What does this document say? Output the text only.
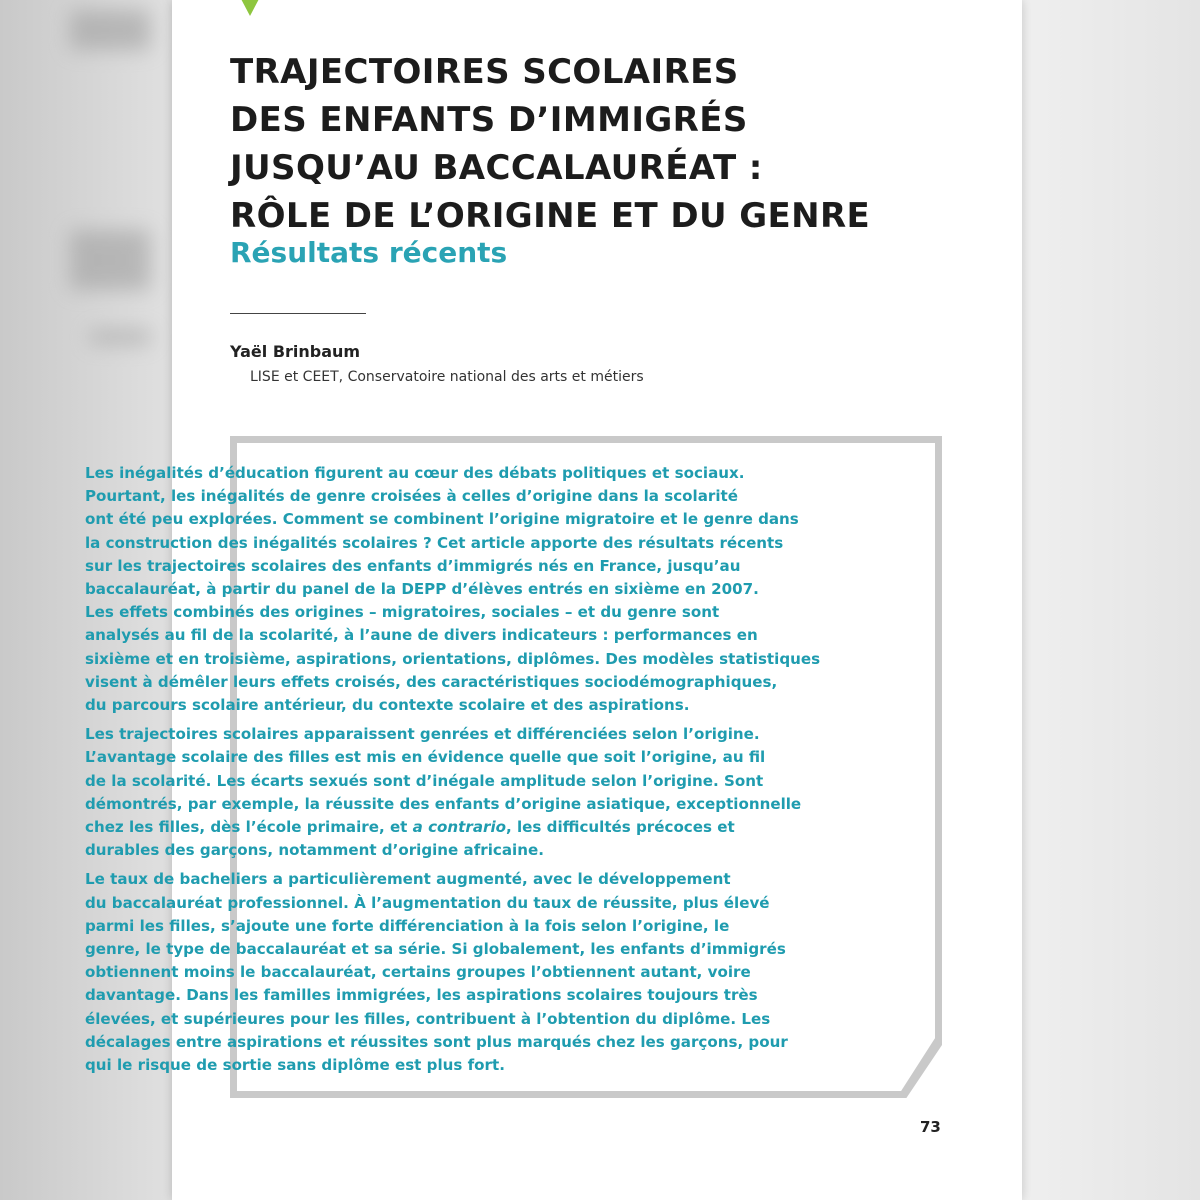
TRAJECTOIRES SCOLAIRES
DES ENFANTS D’IMMIGRÉS
JUSQU’AU BACCALAURÉAT :
RÔLE DE L’ORIGINE ET DU GENRE
Résultats récents
Yaël Brinbaum
LISE et CEET, Conservatoire national des arts et métiers
73

Les inégalités d’éducation figurent au cœur des débats politiques et sociaux.
Pourtant, les inégalités de genre croisées à celles d’origine dans la scolarité
ont été peu explorées. Comment se combinent l’origine migratoire et le genre dans
la construction des inégalités scolaires ? Cet article apporte des résultats récents
sur les trajectoires scolaires des enfants d’immigrés nés en France, jusqu’au
baccalauréat, à partir du panel de la DEPP d’élèves entrés en sixième en 2007.
Les effets combinés des origines – migratoires, sociales – et du genre sont
analysés au fil de la scolarité, à l’aune de divers indicateurs : performances en
sixième et en troisième, aspirations, orientations, diplômes. Des modèles statistiques
visent à démêler leurs effets croisés, des caractéristiques sociodémographiques,
du parcours scolaire antérieur, du contexte scolaire et des aspirations.

Les trajectoires scolaires apparaissent genrées et différenciées selon l’origine.
L’avantage scolaire des filles est mis en évidence quelle que soit l’origine, au fil
de la scolarité. Les écarts sexués sont d’inégale amplitude selon l’origine. Sont
démontrés, par exemple, la réussite des enfants d’origine asiatique, exceptionnelle
chez les filles, dès l’école primaire, et a contrario, les difficultés précoces et
durables des garçons, notamment d’origine africaine.

Le taux de bacheliers a particulièrement augmenté, avec le développement
du baccalauréat professionnel. À l’augmentation du taux de réussite, plus élevé
parmi les filles, s’ajoute une forte différenciation à la fois selon l’origine, le
genre, le type de baccalauréat et sa série. Si globalement, les enfants d’immigrés
obtiennent moins le baccalauréat, certains groupes l’obtiennent autant, voire
davantage. Dans les familles immigrées, les aspirations scolaires toujours très
élevées, et supérieures pour les filles, contribuent à l’obtention du diplôme. Les
décalages entre aspirations et réussites sont plus marqués chez les garçons, pour
qui le risque de sortie sans diplôme est plus fort.
